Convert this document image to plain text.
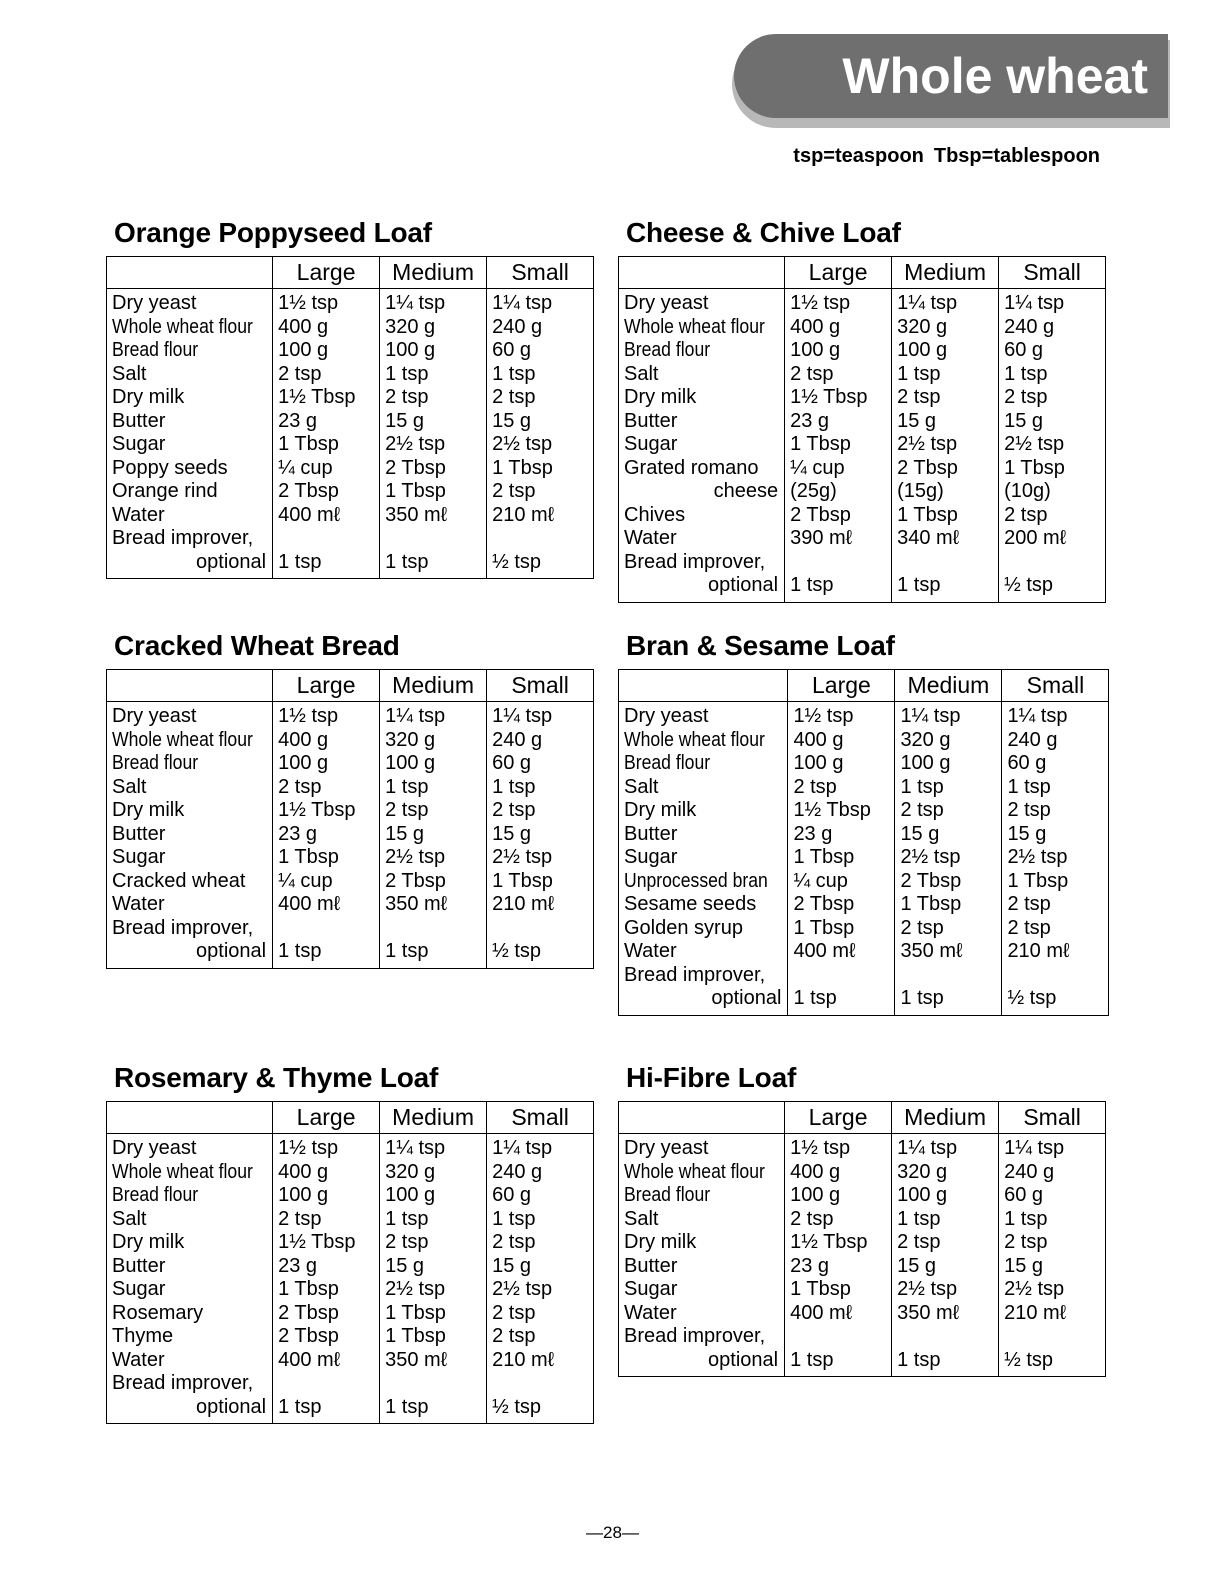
Whole wheat
tsp=teaspoon Tbsp=tablespoon
Orange Poppyseed Loaf
	Large	Medium	Small
Dry yeast	1½ tsp	1¼ tsp	1¼ tsp
Whole wheat flour	400 g	320 g	240 g
Bread flour	100 g	100 g	60 g
Salt	2 tsp	1 tsp	1 tsp
Dry milk	1½ Tbsp	2 tsp	2 tsp
Butter	23 g	15 g	15 g
Sugar	1 Tbsp	2½ tsp	2½ tsp
Poppy seeds	¼ cup	2 Tbsp	1 Tbsp
Orange rind	2 Tbsp	1 Tbsp	2 tsp
Water	400 mℓ	350 mℓ	210 mℓ
Bread improver,			
optional	1 tsp	1 tsp	½ tsp
Cheese & Chive Loaf
	Large	Medium	Small
Dry yeast	1½ tsp	1¼ tsp	1¼ tsp
Whole wheat flour	400 g	320 g	240 g
Bread flour	100 g	100 g	60 g
Salt	2 tsp	1 tsp	1 tsp
Dry milk	1½ Tbsp	2 tsp	2 tsp
Butter	23 g	15 g	15 g
Sugar	1 Tbsp	2½ tsp	2½ tsp
Grated romano	¼ cup	2 Tbsp	1 Tbsp
cheese	(25g)	(15g)	(10g)
Chives	2 Tbsp	1 Tbsp	2 tsp
Water	390 mℓ	340 mℓ	200 mℓ
Bread improver,			
optional	1 tsp	1 tsp	½ tsp
Cracked Wheat Bread
	Large	Medium	Small
Dry yeast	1½ tsp	1¼ tsp	1¼ tsp
Whole wheat flour	400 g	320 g	240 g
Bread flour	100 g	100 g	60 g
Salt	2 tsp	1 tsp	1 tsp
Dry milk	1½ Tbsp	2 tsp	2 tsp
Butter	23 g	15 g	15 g
Sugar	1 Tbsp	2½ tsp	2½ tsp
Cracked wheat	¼ cup	2 Tbsp	1 Tbsp
Water	400 mℓ	350 mℓ	210 mℓ
Bread improver,			
optional	1 tsp	1 tsp	½ tsp
Bran & Sesame Loaf
	Large	Medium	Small
Dry yeast	1½ tsp	1¼ tsp	1¼ tsp
Whole wheat flour	400 g	320 g	240 g
Bread flour	100 g	100 g	60 g
Salt	2 tsp	1 tsp	1 tsp
Dry milk	1½ Tbsp	2 tsp	2 tsp
Butter	23 g	15 g	15 g
Sugar	1 Tbsp	2½ tsp	2½ tsp
Unprocessed bran	¼ cup	2 Tbsp	1 Tbsp
Sesame seeds	2 Tbsp	1 Tbsp	2 tsp
Golden syrup	1 Tbsp	2 tsp	2 tsp
Water	400 mℓ	350 mℓ	210 mℓ
Bread improver,			
optional	1 tsp	1 tsp	½ tsp
Rosemary & Thyme Loaf
	Large	Medium	Small
Dry yeast	1½ tsp	1¼ tsp	1¼ tsp
Whole wheat flour	400 g	320 g	240 g
Bread flour	100 g	100 g	60 g
Salt	2 tsp	1 tsp	1 tsp
Dry milk	1½ Tbsp	2 tsp	2 tsp
Butter	23 g	15 g	15 g
Sugar	1 Tbsp	2½ tsp	2½ tsp
Rosemary	2 Tbsp	1 Tbsp	2 tsp
Thyme	2 Tbsp	1 Tbsp	2 tsp
Water	400 mℓ	350 mℓ	210 mℓ
Bread improver,			
optional	1 tsp	1 tsp	½ tsp
Hi-Fibre Loaf
	Large	Medium	Small
Dry yeast	1½ tsp	1¼ tsp	1¼ tsp
Whole wheat flour	400 g	320 g	240 g
Bread flour	100 g	100 g	60 g
Salt	2 tsp	1 tsp	1 tsp
Dry milk	1½ Tbsp	2 tsp	2 tsp
Butter	23 g	15 g	15 g
Sugar	1 Tbsp	2½ tsp	2½ tsp
Water	400 mℓ	350 mℓ	210 mℓ
Bread improver,			
optional	1 tsp	1 tsp	½ tsp
—28—
